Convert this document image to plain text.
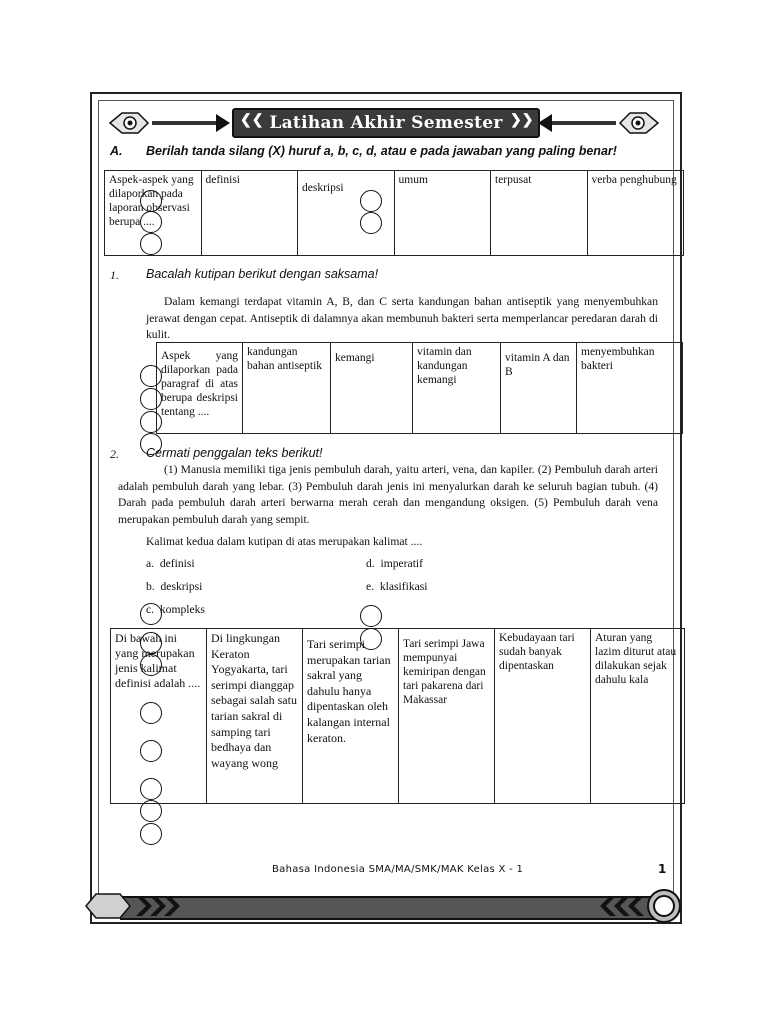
Latihan Akhir Semester
❮❮	❯❯
A. Berilah tanda silang (X) huruf a, b, c, d, atau e pada jawaban yang paling benar!
Aspek-aspek yang dilaporkan pada laporan observasi berupa ....	definisi	deskripsi	umum	terpusat	verba penghubung
1. Bacalah kutipan berikut dengan saksama!
Dalam kemangi terdapat vitamin A, B, dan C serta kandungan bahan antiseptik yang menyembuhkan jerawat dengan cepat. Antiseptik di dalamnya akan membunuh bakteri serta memperlancar peredaran darah di kulit.
Aspek yang dilaporkan pada paragraf di atas berupa deskripsi tentang ....	kandungan bahan antiseptik	kemangi	vitamin dan kandungan kemangi	vitamin A dan B	menyembuhkan bakteri
2. Cermati penggalan teks berikut!
(1) Manusia memiliki tiga jenis pembuluh darah, yaitu arteri, vena, dan kapiler. (2) Pembuluh darah arteri adalah pembuluh darah yang lebar. (3) Pembuluh darah jenis ini menyalurkan darah ke seluruh bagian tubuh. (4) Darah pada pembuluh darah arteri berwarna merah cerah dan mengandung oksigen. (5) Pembuluh darah vena merupakan pembuluh darah yang sempit.
Kalimat kedua dalam kutipan di atas merupakan kalimat ....
a. definisi
b. deskripsi
c. kompleks
d. imperatif
e. klasifikasi
Di bawah ini yang merupakan jenis kalimat definisi adalah ....	Di lingkungan Keraton Yogyakarta, tari serimpi dianggap sebagai salah satu tarian sakral di samping tari bedhaya dan wayang wong	Tari serimpi merupakan tarian sakral yang dahulu hanya dipentaskan oleh kalangan internal keraton.	Tari serimpi Jawa mempunyai kemiripan dengan tari pakarena dari Makassar	Kebudayaan tari sudah banyak dipentaskan	Aturan yang lazim diturut atau dilakukan sejak dahulu kala
Bahasa Indonesia SMA/MA/SMK/MAK Kelas X - 1	1
